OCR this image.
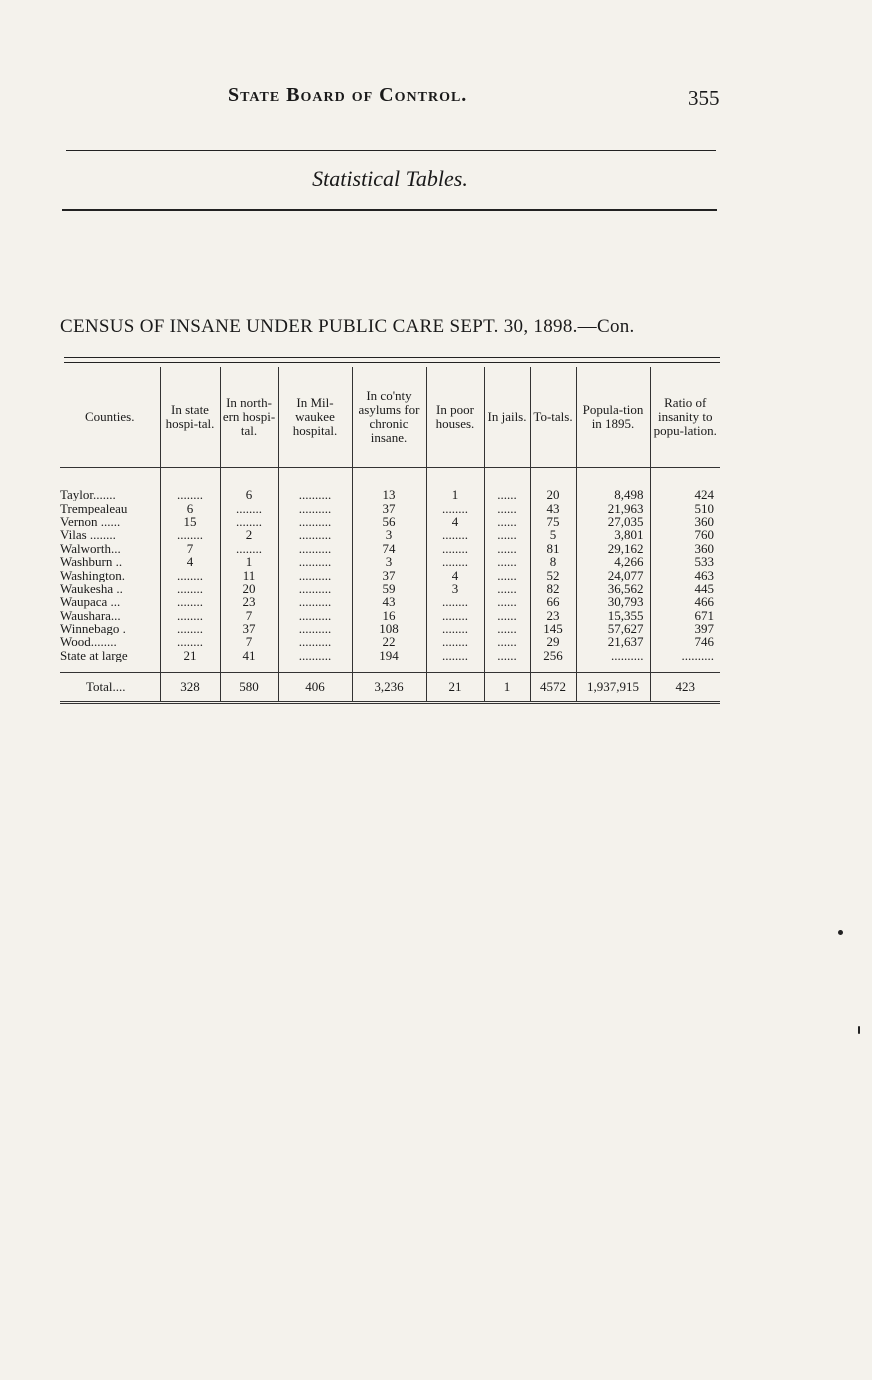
State Board of Control.	355
Statistical Tables.
CENSUS OF INSANE UNDER PUBLIC CARE SEPT. 30, 1898.—Con.
Counties.	In state hospi-tal.	In north-ern hospi-tal.	In Mil-waukee hospital.	In co'nty asylums for chronic insane.	In poor houses.	In jails.	To-tals.	Popula-tion in 1895.	Ratio of insanity to popu-lation.
Taylor.......	........	6	..........	13	1	......	20	8,498	424
Trempealeau	6	........	..........	37	........	......	43	21,963	510
Vernon ......	15	........	..........	56	4	......	75	27,035	360
Vilas ........	........	2	..........	3	........	......	5	3,801	760
Walworth...	7	........	..........	74	........	......	81	29,162	360
Washburn ..	4	1	..........	3	........	......	8	4,266	533
Washington.	........	11	..........	37	4	......	52	24,077	463
Waukesha ..	........	20	..........	59	3	......	82	36,562	445
Waupaca ...	........	23	..........	43	........	......	66	30,793	466
Waushara...	........	7	..........	16	........	......	23	15,355	671
Winnebago .	........	37	..........	108	........	......	145	57,627	397
Wood........	........	7	..........	22	........	......	29	21,637	746
State at large	21	41	..........	194	........	......	256	..........	..........

Total....	328	580	406	3,236	21	1	4572	1,937,915	423
